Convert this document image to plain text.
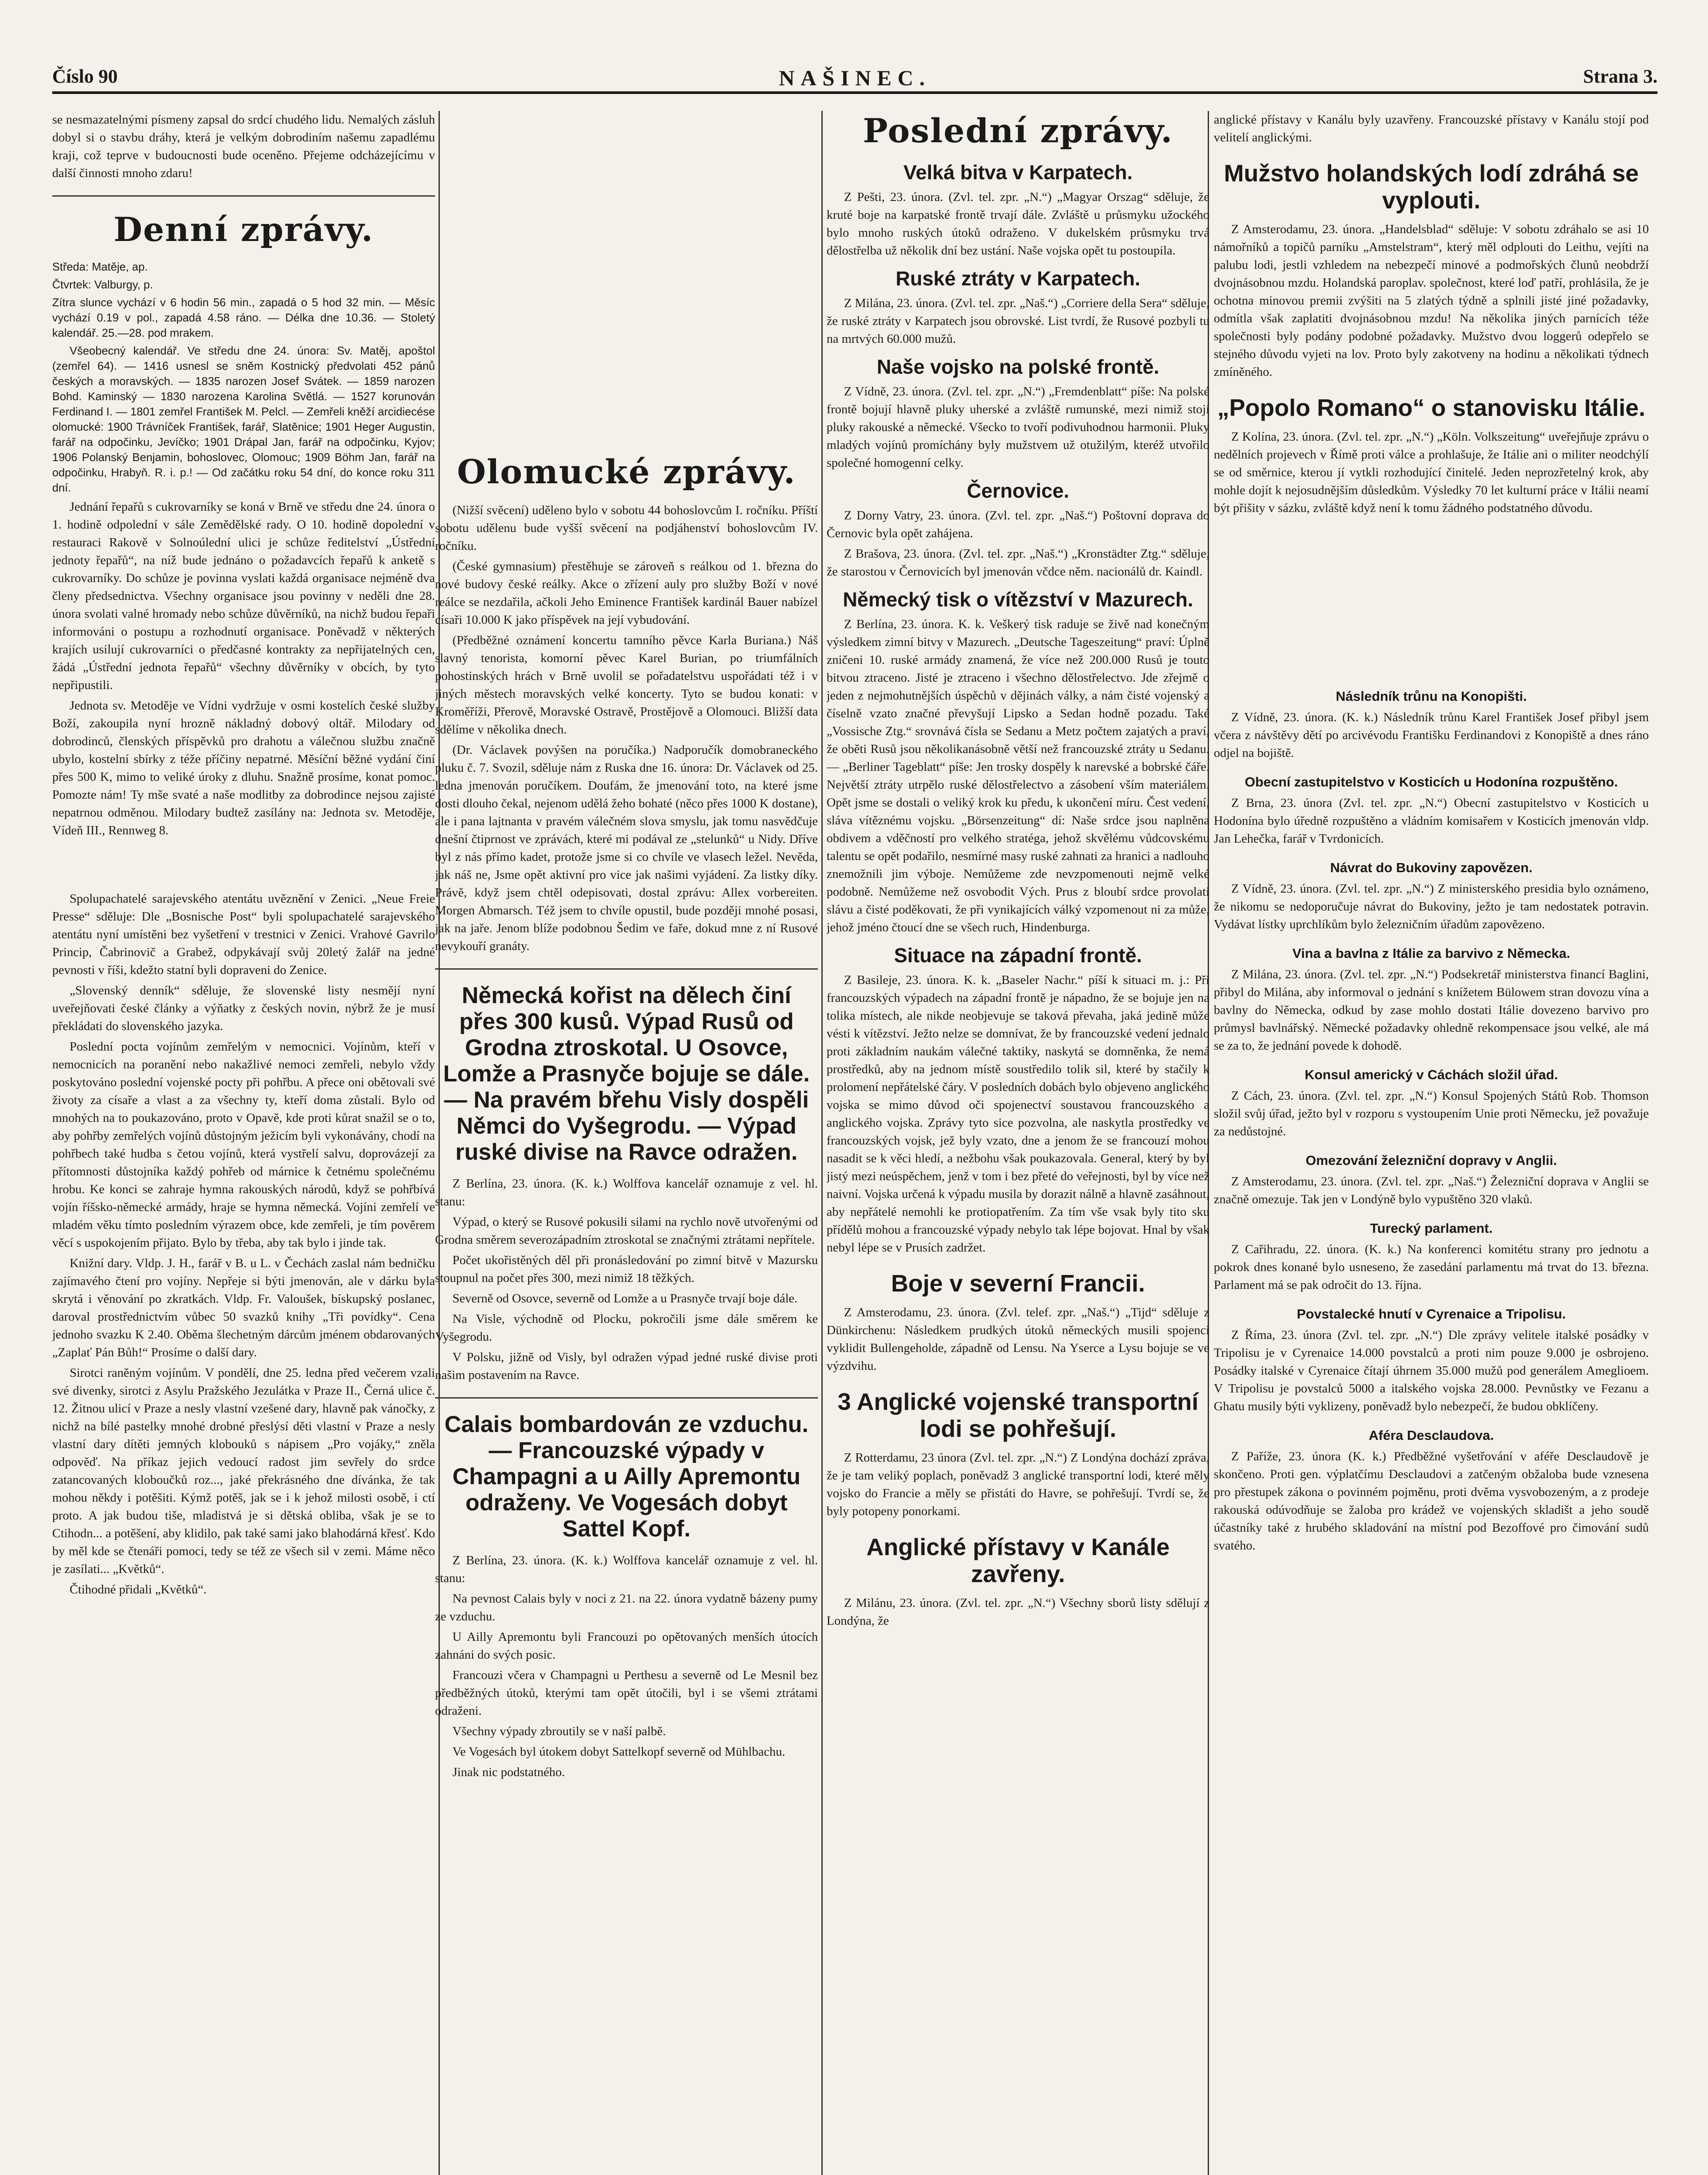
Číslo 90	NAŠINEC.	Strana 3.

se nesmazatelnými písmeny zapsal do srdcí chudého lidu. Nemalých zásluh dobyl si o stavbu dráhy, která je velkým dobrodiním našemu zapadlému kraji, což teprve v budoucnosti bude oceněno. Přejeme odcházejícímu v další činnosti mnoho zdaru!

Denní zprávy.

Středa: Matěje, ap.

Čtvrtek: Valburgy, p.

Zítra slunce vychází v 6 hodin 56 min., zapadá o 5 hod 32 min. — Měsíc vychází 0.19 v pol., zapadá 4.58 ráno. — Délka dne 10.36. — Stoletý kalendář. 25.—28. pod mrakem.

Všeobecný kalendář. Ve středu dne 24. února: Sv. Matěj, apoštol (zemřel 64). — 1416 usnesl se sněm Kostnický předvolati 452 pánů českých a moravských. — 1835 narozen Josef Svátek. — 1859 narozen Bohd. Kaminský — 1830 narozena Karolina Světlá. — 1527 korunován Ferdinand I. — 1801 zemřel František M. Pelcl. — Zemřeli kněží arcidiecése olomucké: 1900 Trávníček František, farář, Slatěnice; 1901 Heger Augustin, farář na odpočinku, Jevíčko; 1901 Drápal Jan, farář na odpočinku, Kyjov; 1906 Polanský Benjamin, bohoslovec, Olomouc; 1909 Böhm Jan, farář na odpočinku, Hrabyň. R. i. p.! — Od začátku roku 54 dní, do konce roku 311 dní.

Jednání řepařů s cukrovarníky se koná v Brně ve středu dne 24. února o 1. hodině odpolední v sále Zemědělské rady. O 10. hodině dopolední v restauraci Rakově v Solnoúlední ulici je schůze ředitelství „Ústřední jednoty řepařů“, na níž bude jednáno o požadavcích řepařů k anketě s cukrovarníky. Do schůze je povinna vyslati každá organisace nejméně dva členy předsednictva. Všechny organisace jsou povinny v neděli dne 28. února svolati valné hromady nebo schůze důvěrníků, na nichž budou řepaři informováni o postupu a rozhodnutí organisace. Poněvadž v některých krajích usilují cukrovarníci o předčasné kontrakty za nepřijatelných cen, žádá „Ústřední jednota řepařů“ všechny důvěrníky v obcích, by tyto nepřipustili.

Jednota sv. Metoděje ve Vídni vydržuje v osmi kostelích české služby Boží, zakoupila nyní hrozně nákladný dobový oltář. Milodary od dobrodinců, členských příspěvků pro drahotu a válečnou službu značně ubylo, kostelní sbírky z téže příčiny nepatrné. Měsíční běžné vydání činí přes 500 K, mimo to veliké úroky z dluhu. Snažně prosíme, konat pomoc. Pomozte nám! Ty mše svaté a naše modlitby za dobrodince nejsou zajisté nepatrnou odměnou. Milodary budtež zasílány na: Jednota sv. Metoděje, Vídeň III., Rennweg 8.

Spolupachatelé sarajevského atentátu uvěznění v Zenici. „Neue Freie Presse“ sděluje: Dle „Bosnische Post“ byli spolupachatelé sarajevského atentátu nyní umístěni bez vyšetření v trestnici v Zenici. Vrahové Gavrilo Princip, Čabrinovič a Grabež, odpykávají svůj 20letý žalář na jedné pevnosti v říši, kdežto statní byli dopraveni do Zenice.

„Slovenský denník“ sděluje, že slovenské listy nesmějí nyní uveřejňovati české články a výňatky z českých novin, nýbrž že je musí překládati do slovenského jazyka.

Poslední pocta vojínům zemřelým v nemocnici. Vojínům, kteří v nemocnicích na poranění nebo nakažlivé nemoci zemřeli, nebylo vždy poskytováno poslední vojenské pocty při pohřbu. A přece oni obětovali své životy za císaře a vlast a za všechny ty, kteří doma zůstali. Bylo od mnohých na to poukazováno, proto v Opavě, kde proti kůrat snažil se o to, aby pohřby zemřelých vojínů důstojným ježicím byli vykonávány, chodí na pohřbech také hudba s četou vojínů, která vystřelí salvu, doprovázejí za přítomnosti důstojníka každý pohřeb od márnice k četnému společnému hrobu. Ke konci se zahraje hymna rakouských národů, když se pohřbívá vojín říšsko-německé armády, hraje se hymna německá. Vojíni zemřelí ve mladém věku tímto posledním výrazem obce, kde zemřeli, je tím pověrem věcí s uspokojením přijato. Bylo by třeba, aby tak bylo i jinde tak.

Knižní dary. Vldp. J. H., farář v B. u L. v Čechách zaslal nám bedničku zajímavého čtení pro vojíny. Nepřeje si býti jmenován, ale v dárku byla skrytá i věnování po zkratkách. Vldp. Fr. Valoušek, bískupský poslanec, daroval prostřednictvím vůbec 50 svazků knihy „Tři povídky“. Cena jednoho svazku K 2.40. Oběma šlechetným dárcům jménem obdarovaných „Zaplať Pán Bůh!“ Prosíme o další dary.

Sirotci raněným vojínům. V pondělí, dne 25. ledna před večerem vzali své divenky, sirotci z Asylu Pražského Jezulátka v Praze II., Černá ulice č. 12. Žitnou ulicí v Praze a nesly vlastní vzešené dary, hlavně pak vánočky, z nichž na bílé pastelky mnohé drobné přeslýsí děti vlastní v Praze a nesly vlastní dary dítěti jemných klobouků s nápisem „Pro vojáky,“ zněla odpověď. Na příkaz jejich vedoucí radost jim sevřely do srdce zatancovaných kloboučků roz..., jaké překrásného dne dívánka, že tak mohou někdy i potěšiti. Kýmž potěš, jak se i k jehož milosti osobě, i ctí proto. A jak budou tiše, mladistvá je si dětská obliba, však je se to Ctihodn... a potěšení, aby klidilo, pak také sami jako blahodárná křesť. Kdo by měl kde se čtenáři pomoci, tedy se též ze všech sil v zemi. Máme něco je zasílati... „Květků“.

Čtihodné přidali „Květků“.

Olomucké zprávy.

(Nižší svěcení) uděleno bylo v sobotu 44 bohoslovcům I. ročníku. Příští sobotu udělenu bude vyšší svěcení na podjáhenství bohoslovcům IV. ročníku.

(České gymnasium) přestěhuje se zároveň s reálkou od 1. března do nové budovy české reálky. Akce o zřízení auly pro služby Boží v nové reálce se nezdařila, ačkoli Jeho Eminence František kardinál Bauer nabízel císaři 10.000 K jako příspěvek na její vybudování.

(Předběžné oznámení koncertu tamního pěvce Karla Buriana.) Náš slavný tenorista, komorní pěvec Karel Burian, po triumfálních pohostinských hrách v Brně uvolil se pořadatelstvu uspořádati též i v jiných městech moravských velké koncerty. Tyto se budou konati: v Kroměříži, Přerově, Moravské Ostravě, Prostějově a Olomouci. Bližší data sdělíme v několika dnech.

(Dr. Václavek povýšen na poručíka.) Nadporučík domobraneckého pluku č. 7. Svozil, sděluje nám z Ruska dne 16. února: Dr. Václavek od 25. ledna jmenován poručíkem. Doufám, že jmenování toto, na které jsme dosti dlouho čekal, nejenom udělá žeho bohaté (něco přes 1000 K dostane), ale i pana lajtnanta v pravém válečném slova smyslu, jak tomu nasvědčuje dnešní čtiprnost ve zprávách, které mi podával ze „stelunků“ u Nidy. Dříve byl z nás přímo kadet, protože jsme si co chvíle ve vlasech ležel. Nevěda, jak náš ne, Jsme opět aktivní pro vice jak našimi vyjádení. Za listky díky. Právě, když jsem chtěl odepisovati, dostal zprávu: Allex vorbereiten. Morgen Abmarsch. Též jsem to chvíle opustil, bude později mnohé posasi, jak na jaře. Jenom blíže podobnou Šedim ve faře, dokud mne z ní Rusové nevykouří granáty.

Německá kořist na dělech činí přes 300 kusů. Výpad Rusů od Grodna ztroskotal. U Osovce, Lomže a Prasnyče bojuje se dále. — Na pravém břehu Visly dospěli Němci do Vyšegrodu. — Výpad ruské divise na Ravce odražen.

Z Berlína, 23. února. (K. k.) Wolffova kancelář oznamuje z vel. hl. stanu:

Výpad, o který se Rusové pokusili silami na rychlo nově utvořenými od Grodna směrem severozápadním ztroskotal se značnými ztrátami nepřítele.

Počet ukořistěných děl při pronásledování po zimní bitvě v Mazursku stoupnul na počet přes 300, mezi nimiž 18 těžkých.

Severně od Osovce, severně od Lomže a u Prasnyče trvají boje dále.

Na Visle, východně od Plocku, pokročili jsme dále směrem ke Vyšegrodu.

V Polsku, jižně od Visly, byl odražen výpad jedné ruské divise proti našim postavením na Ravce.

Calais bombardován ze vzduchu. — Francouzské výpady v Champagni a u Ailly Apremontu odraženy. Ve Vogesách dobyt Sattel Kopf.

Z Berlína, 23. února. (K. k.) Wolffova kancelář oznamuje z vel. hl. stanu:

Na pevnost Calais byly v noci z 21. na 22. února vydatně bázeny pumy ze vzduchu.

U Ailly Apremontu byli Francouzi po opětovaných menších útocích zahnáni do svých posic.

Francouzi včera v Champagni u Perthesu a severně od Le Mesnil bez předběžných útoků, kterými tam opět útočili, byl i se všemi ztrátami odraženi.

Všechny výpady zbroutily se v naší palbě.

Ve Vogesách byl útokem dobyt Sattelkopf severně od Mühlbachu.

Jinak nic podstatného.

Poslední zprávy.
Velká bitva v Karpatech.

Z Pešti, 23. února. (Zvl. tel. zpr. „N.“) „Magyar Orszag“ sděluje, že kruté boje na karpatské frontě trvají dále. Zvláště u průsmyku užockého bylo mnoho ruských útoků odraženo. V dukelském průsmyku trvá dělostřelba už několik dní bez ustání. Naše vojska opět tu postoupila.

Ruské ztráty v Karpatech.

Z Milána, 23. února. (Zvl. tel. zpr. „Naš.“) „Corriere della Sera“ sděluje, že ruské ztráty v Karpatech jsou obrovské. List tvrdí, že Rusové pozbyli tu na mrtvých 60.000 mužů.

Naše vojsko na polské frontě.

Z Vídně, 23. února. (Zvl. tel. zpr. „N.“) „Fremdenblatt“ píše: Na polské frontě bojují hlavně pluky uherské a zvláště rumunské, mezi nimiž stojí pluky rakouské a německé. Všecko to tvoří podivuhodnou harmonii. Pluky mladých vojínů promíchány byly mužstvem už otužilým, kteréž utvořilo společné homogenní celky.

Černovice.

Z Dorny Vatry, 23. února. (Zvl. tel. zpr. „Naš.“) Poštovní doprava do Černovic byla opět zahájena.

Z Brašova, 23. února. (Zvl. tel. zpr. „Naš.“) „Kronstädter Ztg.“ sděluje, že starostou v Černovicích byl jmenován včdce něm. nacionálů dr. Kaindl.

Německý tisk o vítězství v Mazurech.

Z Berlína, 23. února. K. k. Veškerý tisk raduje se živě nad konečným výsledkem zimní bitvy v Mazurech. „Deutsche Tageszeitung“ praví: Úplně zničeni 10. ruské armády znamená, že více než 200.000 Rusů je touto bitvou ztraceno. Jisté je ztraceno i všechno dělostřelectvo. Jde zřejmě o jeden z nejmohutnějších úspěchů v dějinách války, a nám čisté vojenský a číselně vzato značné převyšují Lipsko a Sedan hodně pozadu. Také „Vossische Ztg.“ srovnává čísla se Sedanu a Metz počtem zajatých a praví, že oběti Rusů jsou několikanásobně větší než francouzské ztráty u Sedanu. — „Berliner Tageblatt“ píše: Jen trosky dospěly k narevské a bobrské čáře. Největší ztráty utrpělo ruské dělostřelectvo a zásobení vším materiálem. Opět jsme se dostali o veliký krok ku předu, k ukončení míru. Čest vedení, sláva vítěznému vojsku. „Börsenzeitung“ dí: Naše srdce jsou naplněna obdivem a vděčností pro velkého stratéga, jehož skvělému vůdcovskému talentu se opět podařilo, nesmírné masy ruské zahnati za hranici a nadlouho znemožnili jim výboje. Nemůžeme zde nevzpomenouti nejmě velké podobně. Nemůžeme než osvobodit Vých. Prus z bloubí srdce provolati slávu a čisté poděkovati, že při vynikajících válký vzpomenout ni za může, jehož jméno čtoucí dne se všech ruch, Hindenburga.

Situace na západní frontě.

Z Basileje, 23. února. K. k. „Baseler Nachr.“ píší k situaci m. j.: Při francouzských výpadech na západní frontě je nápadno, že se bojuje jen na tolika místech, ale nikde neobjevuje se taková převaha, jaká jedině může vésti k vítězství. Ježto nelze se domnívat, že by francouzské vedení jednalo proti základním naukám válečné taktiky, naskytá se domněnka, že nemá prostředků, aby na jednom místě soustředilo tolik sil, které by stačily k prolomení nepřátelské čáry. V posledních dobách bylo objeveno anglického vojska se mimo důvod oči spojenectví soustavou francouzského a anglického vojska. Zprávy tyto sice pozvolna, ale naskytla prostředky ve francouzských vojsk, jež byly vzato, dne a jenom že se francouzí mohou nasadit se k věci hledí, a nežbohu však poukazovala. General, který by byl jistý mezi neúspěchem, jenž v tom i bez přeté do veřejnosti, byl by více než naivní. Vojska určená k výpadu musila by dorazit nálně a hlavně zasáhnout, aby nepřátelé nemohli ke protiopatřením. Za tím vše vsak byly tito sku přídělů mohou a francouzské výpady nebylo tak lépe bojovat. Hnal by však nebyl lépe se v Prusích zadržet.

Boje v severní Francii.

Z Amsterodamu, 23. února. (Zvl. telef. zpr. „Naš.“) „Tijd“ sděluje z Dünkirchenu: Následkem prudkých útoků německých musili spojenci vyklidit Bullengeholde, západně od Lensu. Na Yserce a Lysu bojuje se ve výzdvihu.

3 Anglické vojenské transportní lodi se pohřešují.

Z Rotterdamu, 23 února (Zvl. tel. zpr. „N.“) Z Londýna dochází zpráva, že je tam veliký poplach, poněvadž 3 anglické transportní lodi, které měly vojsko do Francie a měly se přistáti do Havre, se pohřešují. Tvrdí se, že byly potopeny ponorkami.

Anglické přístavy v Kanále zavřeny.

Z Milánu, 23. února. (Zvl. tel. zpr. „N.“) Všechny sborů listy sdělují z Londýna, že

anglické přístavy v Kanálu byly uzavřeny. Francouzské přístavy v Kanálu stojí pod velitelí anglickými.

Mužstvo holandských lodí zdráhá se vyplouti.

Z Amsterodamu, 23. února. „Handelsblad“ sděluje: V sobotu zdráhalo se asi 10 námořníků a topičů parníku „Amstelstram“, který měl odplouti do Leithu, vejíti na palubu lodi, jestli vzhledem na nebezpečí minové a podmořských člunů neobdrží dvojnásobnou mzdu. Holandská paroplav. společnost, které loď patří, prohlásila, že je ochotna minovou premii zvýšiti na 5 zlatých týdně a splnili jisté jiné požadavky, odmítla však zaplatiti dvojnásobnou mzdu! Na několika jiných parnících téže společnosti byly podány podobné požadavky. Mužstvo dvou loggerů odepřelo se stejného důvodu vyjeti na lov. Proto byly zakotveny na hodinu a několikati týdnech zmíněného.

„Popolo Romano“ o stanovisku Itálie.

Z Kolína, 23. února. (Zvl. tel. zpr. „N.“) „Köln. Volkszeitung“ uveřejňuje zprávu o nedělních projevech v Římě proti válce a prohlašuje, že Itálie ani o militer neodchýlí se od směrnice, kterou jí vytkli rozhodující činitelé. Jeden neprozřetelný krok, aby mohle dojít k nejosudnějším důsledkům. Výsledky 70 let kulturní práce v Itálii neamí být přišity v sázku, zvláště když není k tomu žádného podstatného důvodu.

Následník trůnu na Konopišti.

Z Vídně, 23. února. (K. k.) Následník trůnu Karel František Josef přibyl jsem včera z návštěvy dětí po arcivévodu Františku Ferdinandovi z Konopiště a dnes ráno odjel na bojiště.

Obecní zastupitelstvo v Kosticích u Hodonína rozpuštěno.

Z Brna, 23. února (Zvl. tel. zpr. „N.“) Obecní zastupitelstvo v Kosticích u Hodonína bylo úředně rozpuštěno a vládním komisařem v Kosticích jmenován vldp. Jan Lehečka, farář v Tvrdonicích.

Návrat do Bukoviny zapovězen.

Z Vídně, 23. února. (Zvl. tel. zpr. „N.“) Z ministerského presidia bylo oznámeno, že nikomu se nedoporučuje návrat do Bukoviny, ježto je tam nedostatek potravin. Vydávat lístky uprchlíkům bylo železničním úřadům zapovězeno.

Vina a bavlna z Itálie za barvivo z Německa.

Z Milána, 23. února. (Zvl. tel. zpr. „N.“) Podsekretář ministerstva financí Baglini, přibyl do Milána, aby informoval o jednání s knížetem Bülowem stran dovozu vína a bavlny do Německa, odkud by zase mohlo dostati Itálie dovezeno barvivo pro průmysl bavlnářský. Německé požadavky ohledně rekompensace jsou velké, ale má se za to, že jednání povede k dohodě.

Konsul americký v Cáchách složil úřad.

Z Cách, 23. února. (Zvl. tel. zpr. „N.“) Konsul Spojených Států Rob. Thomson složil svůj úřad, ježto byl v rozporu s vystoupením Unie proti Německu, jež považuje za nedůstojné.

Omezování železniční dopravy v Anglii.

Z Amsterodamu, 23. února. (Zvl. tel. zpr. „Naš.“) Železniční doprava v Anglii se značně omezuje. Tak jen v Londýně bylo vypuštěno 320 vlaků.

Turecký parlament.

Z Cařihradu, 22. února. (K. k.) Na konferenci komitétu strany pro jednotu a pokrok dnes konané bylo usneseno, že zasedání parlamentu má trvat do 13. března. Parlament má se pak odročit do 13. října.

Povstalecké hnutí v Cyrenaice a Tripolisu.

Z Říma, 23. února (Zvl. tel. zpr. „N.“) Dle zprávy velitele italské posádky v Tripolisu je v Cyrenaice 14.000 povstalců a proti nim pouze 9.000 je osbrojeno. Posádky italské v Cyrenaice čítají úhrnem 35.000 mužů pod generálem Ameglioem. V Tripolisu je povstalců 5000 a italského vojska 28.000. Pevnůstky ve Fezanu a Ghatu musily býti vyklizeny, poněvadž bylo nebezpečí, že budou obklíčeny.

Aféra Desclaudova.

Z Paříže, 23. února (K. k.) Předběžné vyšetřování v aféře Desclaudově je skončeno. Proti gen. výplatčímu Desclaudovi a zatčeným obžaloba bude vznesena pro přestupek zákona o povinném pojměnu, proti dvěma vysvobozeným, a z prodeje rakouská odúvodňuje se žaloba pro krádež ve vojenských skladišt a jeho soudě účastníky také z hrubého skladování na místní pod Bezoffové pro čimování sudů svatého.
